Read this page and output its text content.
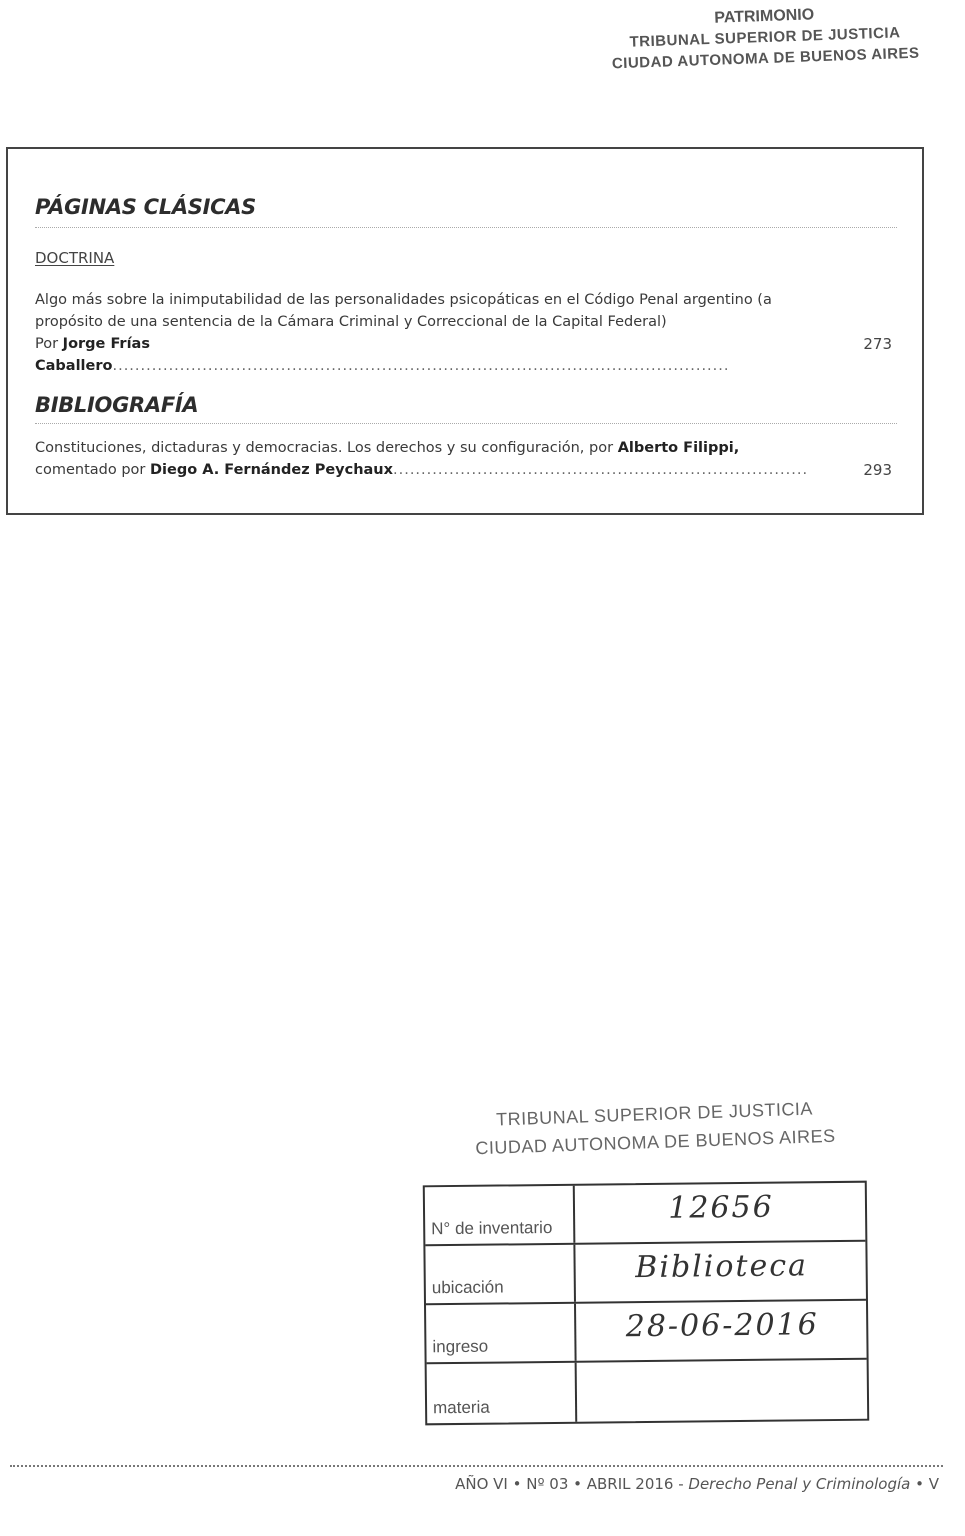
PATRIMONIO
TRIBUNAL SUPERIOR DE JUSTICIA
CIUDAD AUTONOMA DE BUENOS AIRES
PÁGINAS CLÁSICAS
DOCTRINA
Algo más sobre la inimputabilidad de las personalidades psicopáticas en el Código Penal argentino (a propósito de una sentencia de la Cámara Criminal y Correccional de la Capital Federal)
Por Jorge Frías Caballero..............................................................................................................
273
BIBLIOGRAFÍA
Constituciones, dictaduras y democracias. Los derechos y su configuración, por Alberto Filippi, comentado por Diego A. Fernández Peychaux..........................................................................	293
TRIBUNAL SUPERIOR DE JUSTICIA
CIUDAD AUTONOMA DE BUENOS AIRES
N° de inventario
12656
ubicación
Biblioteca
ingreso
28-06-2016
materia
AÑO VI • Nº 03 • ABRIL 2016 - Derecho Penal y Criminología • V
